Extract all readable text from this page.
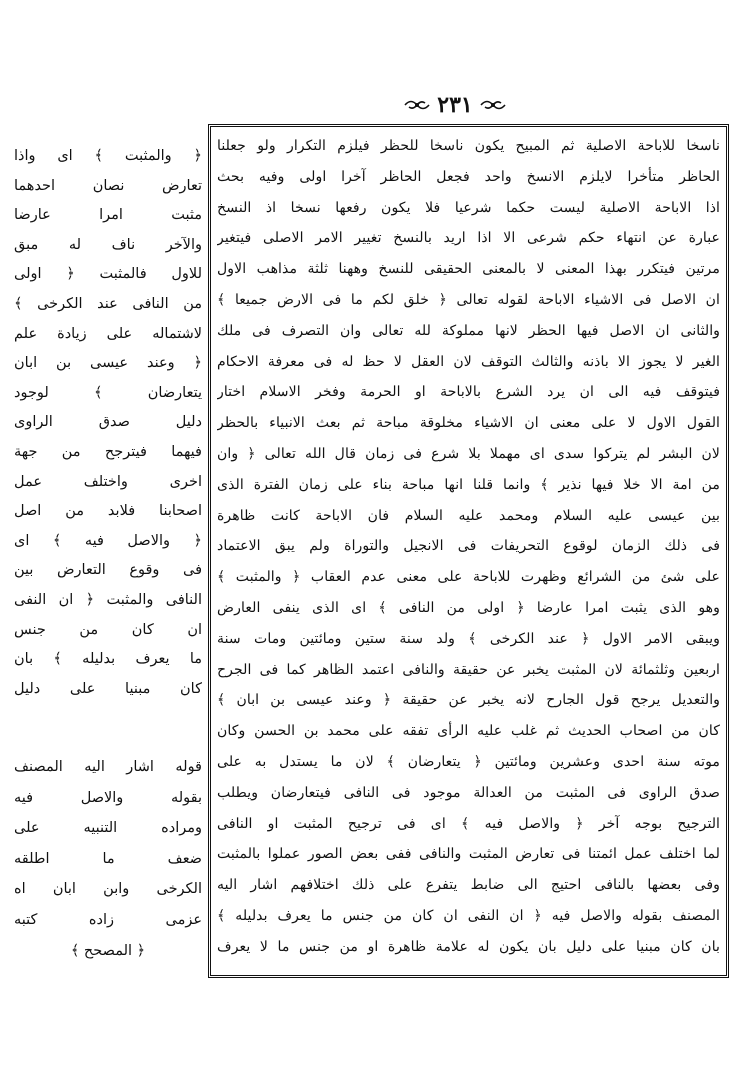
٢٣١
ناسخا للاباحة الاصلية ثم المبيح يكون ناسخا للحظر فيلزم التكرار ولو جعلنا
الحاظر متأخرا لايلزم الانسخ واحد فجعل الحاظر آخرا اولى وفيه بحث
اذا الاباحة الاصلية ليست حكما شرعيا فلا يكون رفعها نسخا اذ النسخ
عبارة عن انتهاء حكم شرعى الا اذا اريد بالنسخ تغيير الامر الاصلى فيتغير
مرتين فيتكرر بهذا المعنى لا بالمعنى الحقيقى للنسخ وههنا ثلثة مذاهب الاول
ان الاصل فى الاشياء الاباحة لقوله تعالى ﴿ خلق لكم ما فى الارض جميعا ﴾
والثانى ان الاصل فيها الحظر لانها مملوكة لله تعالى وان التصرف فى ملك
الغير لا يجوز الا باذنه والثالث التوقف لان العقل لا حظ له فى معرفة الاحكام
فيتوقف فيه الى ان يرد الشرع بالاباحة او الحرمة وفخر الاسلام اختار
القول الاول لا على معنى ان الاشياء مخلوقة مباحة ثم بعث الانبياء بالحظر
لان البشر لم يتركوا سدى اى مهملا بلا شرع فى زمان قال الله تعالى ﴿ وان
من امة الا خلا فيها نذير ﴾ وانما قلنا انها مباحة بناء على زمان الفترة الذى
بين عيسى عليه السلام ومحمد عليه السلام فان الاباحة كانت ظاهرة
فى ذلك الزمان لوقوع التحريفات فى الانجيل والتوراة ولم يبق الاعتماد
على شئ من الشرائع وظهرت للاباحة على معنى عدم العقاب ﴿ والمثبت ﴾
وهو الذى يثبت امرا عارضا ﴿ اولى من النافى ﴾ اى الذى ينفى العارض
ويبقى الامر الاول ﴿ عند الكرخى ﴾ ولد سنة ستين ومائتين ومات سنة
اربعين وثلثمائة لان المثبت يخبر عن حقيقة والنافى اعتمد الظاهر كما فى الجرح
والتعديل يرجح قول الجارح لانه يخبر عن حقيقة ﴿ وعند عيسى بن ابان ﴾
كان من اصحاب الحديث ثم غلب عليه الرأى تفقه على محمد بن الحسن وكان
موته سنة احدى وعشرين ومائتين ﴿ يتعارضان ﴾ لان ما يستدل به على
صدق الراوى فى المثبت من العدالة موجود فى النافى فيتعارضان ويطلب
الترجيح بوجه آخر ﴿ والاصل فيه ﴾ اى فى ترجيح المثبت او النافى
لما اختلف عمل ائمتنا فى تعارض المثبت والنافى ففى بعض الصور عملوا بالمثبت
وفى بعضها بالنافى احتيج الى ضابط يتفرع على ذلك اختلافهم اشار اليه
المصنف بقوله والاصل فيه ﴿ ان النفى ان كان من جنس ما يعرف بدليله ﴾
بان كان مبنيا على دليل بان يكون له علامة ظاهرة او من جنس ما لا يعرف
﴿ والمثبت ﴾ اى واذا
تعارض نصان احدهما
مثبت امرا عارضا
والآخر ناف له مبق
للاول فالمثبت ﴿ اولى
من النافى عند الكرخى ﴾
لاشتماله على زيادة علم
﴿ وعند عيسى بن ابان
يتعارضان ﴾ لوجود
دليل صدق الراوى
فيهما فيترجح من جهة
اخرى واختلف عمل
اصحابنا فلابد من اصل
﴿ والاصل فيه ﴾ اى
فى وقوع التعارض بين
النافى والمثبت ﴿ ان النفى
ان كان من جنس
ما يعرف بدليله ﴾ بان
كان مبنيا على دليل
قوله اشار اليه المصنف
بقوله والاصل فيه
ومراده التنبيه على
ضعف ما اطلقه
الكرخى وابن ابان اه
عزمى زاده كتبه
﴿ المصحح ﴾
